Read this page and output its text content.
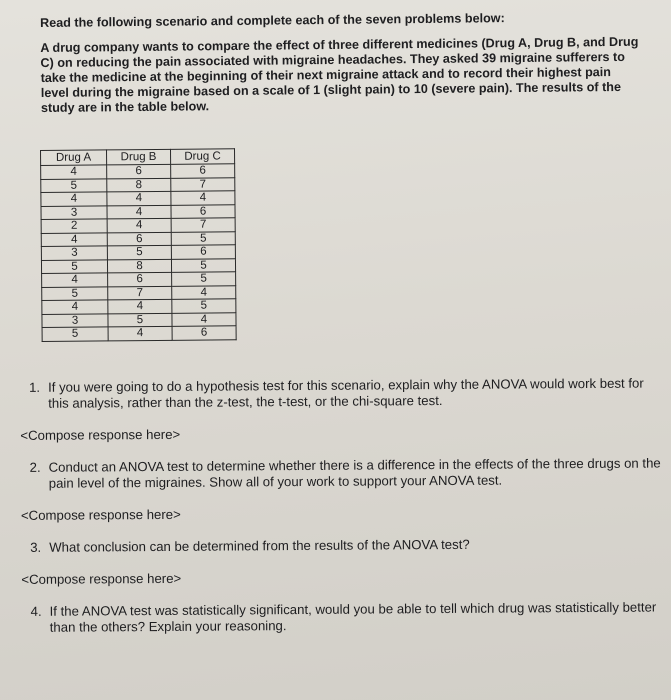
Read the following scenario and complete each of the seven problems below:
A drug company wants to compare the effect of three different medicines (Drug A, Drug B, and Drug C) on reducing the pain associated with migraine headaches. They asked 39 migraine sufferers to take the medicine at the beginning of their next migraine attack and to record their highest pain level during the migraine based on a scale of 1 (slight pain) to 10 (severe pain). The results of the study are in the table below.
Drug A	Drug B	Drug C
4	6	6
5	8	7
4	4	4
3	4	6
2	4	7
4	6	5
3	5	6
5	8	5
4	6	5
5	7	4
4	4	5
3	5	4
5	4	6
1. If you were going to do a hypothesis test for this scenario, explain why the ANOVA would work best for this analysis, rather than the z-test, the t-test, or the chi-square test.
<Compose response here>
2. Conduct an ANOVA test to determine whether there is a difference in the effects of the three drugs on the pain level of the migraines. Show all of your work to support your ANOVA test.
<Compose response here>
3. What conclusion can be determined from the results of the ANOVA test?
<Compose response here>
4. If the ANOVA test was statistically significant, would you be able to tell which drug was statistically better than the others? Explain your reasoning.
